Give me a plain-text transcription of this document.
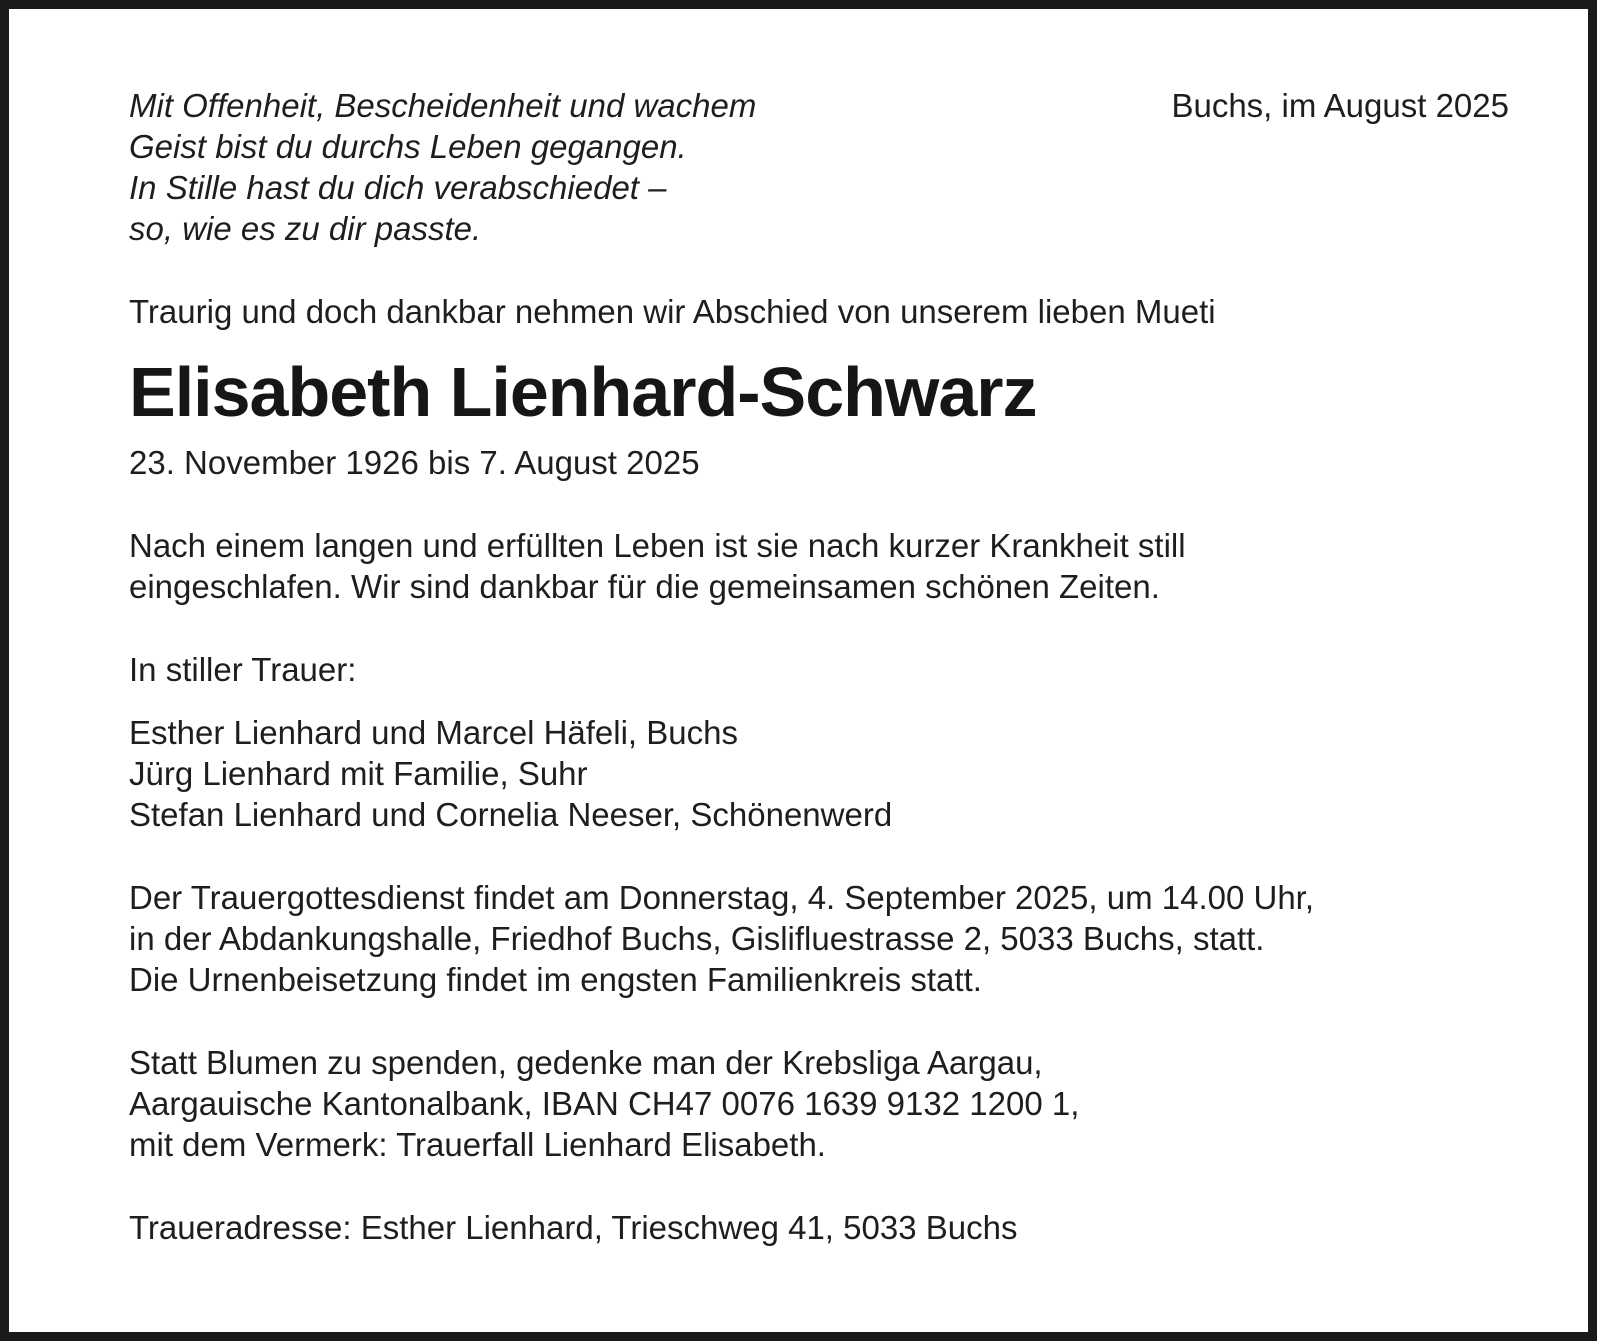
Mit Offenheit, Bescheidenheit und wachem
Geist bist du durchs Leben gegangen.
In Stille hast du dich verabschiedet –
so, wie es zu dir passte.
Buchs, im August 2025
Traurig und doch dankbar nehmen wir Abschied von unserem lieben Mueti
Elisabeth Lienhard-Schwarz
23. November 1926 bis 7. August 2025
Nach einem langen und erfüllten Leben ist sie nach kurzer Krankheit still
eingeschlafen. Wir sind dankbar für die gemeinsamen schönen Zeiten.
In stiller Trauer:
Esther Lienhard und Marcel Häfeli, Buchs
Jürg Lienhard mit Familie, Suhr
Stefan Lienhard und Cornelia Neeser, Schönenwerd
Der Trauergottesdienst findet am Donnerstag, 4. September 2025, um 14.00 Uhr,
in der Abdankungshalle, Friedhof Buchs, Gislifluestrasse 2, 5033 Buchs, statt.
Die Urnenbeisetzung findet im engsten Familienkreis statt.
Statt Blumen zu spenden, gedenke man der Krebsliga Aargau,
Aargauische Kantonalbank, IBAN CH47 0076 1639 9132 1200 1,
mit dem Vermerk: Trauerfall Lienhard Elisabeth.
Traueradresse: Esther Lienhard, Trieschweg 41, 5033 Buchs
